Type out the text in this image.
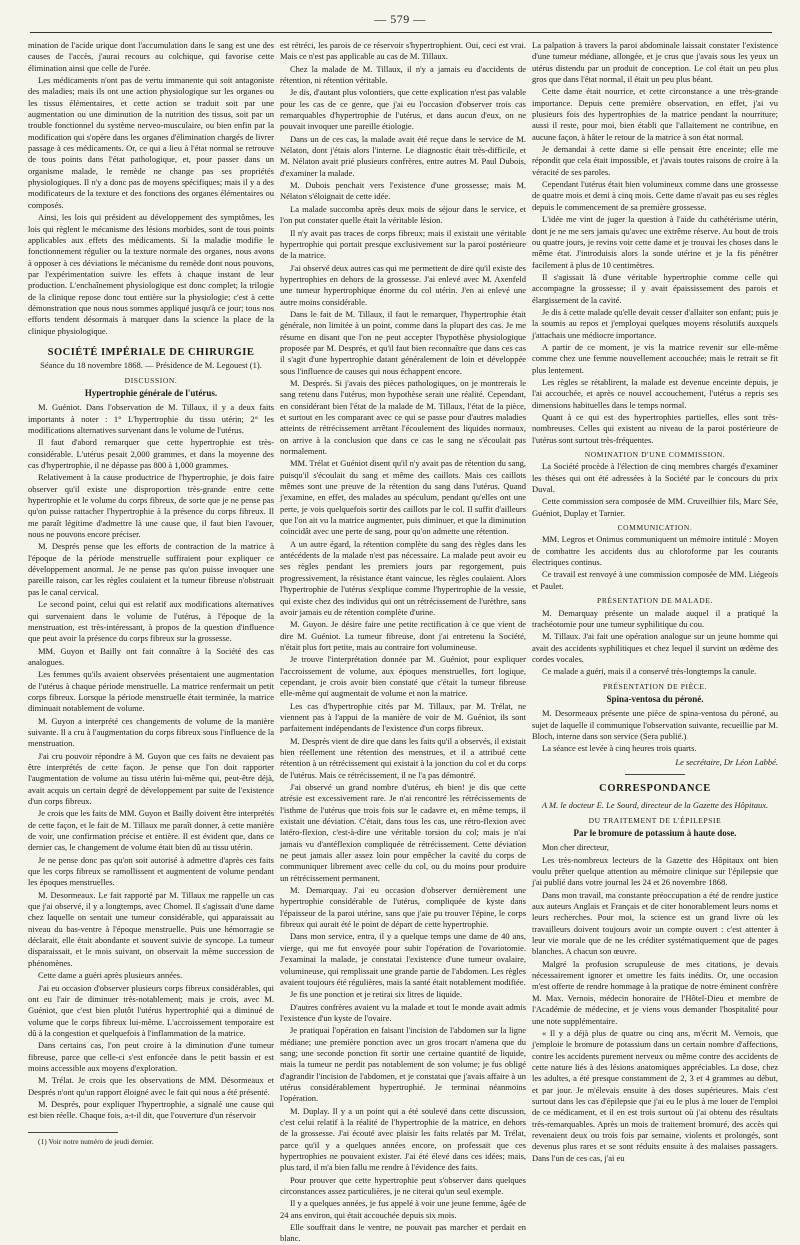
— 579 —

mination de l'acide urique dont l'accumulation dans le sang est une des causes de l'accès, j'aurai recours au colchique, qui favorise cette élimination ainsi que celle de l'urée.

Les médicaments n'ont pas de vertu immanente qui soit antagoniste des maladies; mais ils ont une action physiologique sur les organes ou les tissus élémentaires, et cette action se traduit soit par une augmentation ou une diminution de la nutrition des tissus, soit par un trouble fonctionnel du système nerveo-musculaire, ou bien enfin par la modification qui s'opère dans les organes d'élimination chargés de livrer passage à ces médicaments. Or, ce qui a lieu à l'état normal se retrouve de tous points dans l'état pathologique, et, pour passer dans un organisme malade, le remède ne change pas ses propriétés physiologiques. Il n'y a donc pas de moyens spécifiques; mais il y a des modificateurs de la texture et des fonctions des organes élémentaires ou composés.

Ainsi, les lois qui président au développement des symptômes, les lois qui règlent le mécanisme des lésions morbides, sont de tous points applicables aux effets des médicaments. Si la maladie modifie le fonctionnement régulier ou la texture normale des organes, nous avons à opposer à ces déviations le mécanisme du remède dont nous pouvons, par l'expérimentation suivre les effets à chaque instant de leur production. L'enchaînement physiologique est donc complet; la trilogie de la clinique repose donc tout entière sur la physiologie; c'est à cette démonstration que nous nous sommes appliqué jusqu'à ce jour; tous nos efforts tendent désormais à marquer dans la science la place de la clinique physiologique.

SOCIÉTÉ IMPÉRIALE DE CHIRURGIE

Séance du 18 novembre 1868. — Présidence de M. Legouest (1).

DISCUSSION.
Hypertrophie générale de l'utérus.

M. Guéniot. Dans l'observation de M. Tillaux, il y a deux faits importants à noter : 1° L'hypertrophie du tissu utérin; 2° les modifications alternatives survenant dans le volume de l'utérus.

Il faut d'abord remarquer que cette hypertrophie est très-considérable. L'utérus pesait 2,000 grammes, et dans la moyenne des cas d'hypertrophie, il ne dépasse pas 800 à 1,000 grammes.

Relativement à la cause productrice de l'hypertrophie, je dois faire observer qu'il existe une disproportion très-grande entre cette hypertrophie et le volume du corps fibreux, de sorte que je ne pense pas qu'on puisse rattacher l'hypertrophie à la présence du corps fibreux. Il me paraît légitime d'admettre là une cause que, il faut bien l'avouer, nous ne pouvons encore préciser.

M. Després pense que les efforts de contraction de la matrice à l'époque de la période menstruelle suffiraient pour expliquer ce développement anormal. Je ne pense pas qu'on puisse invoquer une pareille raison, car les règles coulaient et la tumeur fibreuse n'obstruait pas le canal cervical.

Le second point, celui qui est relatif aux modifications alternatives qui survenaient dans le volume de l'utérus, à l'époque de la menstruation, est très-intéressant, à propos de la question d'influence que peut avoir la présence du corps fibreux sur la grossesse.

MM. Guyon et Bailly ont fait connaître à la Société des cas analogues.

Les femmes qu'ils avaient observées présentaient une augmentation de l'utérus à chaque période menstruelle. La matrice renfermait un petit corps fibreux. Lorsque la période menstruelle était terminée, la matrice diminuait notablement de volume.

M. Guyon a interprété ces changements de volume de la manière suivante. Il a cru à l'augmentation du corps fibreux sous l'influence de la menstruation.

J'ai cru pouvoir répondre à M. Guyon que ces faits ne devaient pas être interprétés de cette façon. Je pense que l'on doit rapporter l'augmentation de volume au tissu utérin lui-même qui, peut-être déjà, avait acquis un certain degré de développement par suite de l'existence d'un corps fibreux.

Je crois que les faits de MM. Guyon et Bailly doivent être interprétés de cette façon, et le fait de M. Tillaux me paraît donner, à cette manière de voir, une confirmation précise et entière. Il est évident que, dans ce dernier cas, le changement de volume était bien dû au tissu utérin.

Je ne pense donc pas qu'on soit autorisé à admettre d'après ces faits que les corps fibreux se ramollissent et augmentent de volume pendant les époques menstruelles.

M. Desormeaux. Le fait rapporté par M. Tillaux me rappelle un cas que j'ai observé, il y a longtemps, avec Chomel. Il s'agissait d'une dame chez laquelle on sentait une tumeur considérable, qui apparaissait au niveau du bas-ventre à l'époque menstruelle. Puis une hémorragie se déclarait, elle était abondante et souvent suivie de syncope. La tumeur disparaissait, et le mois suivant, on observait la même succession de phénomènes.

Cette dame a guéri après plusieurs années.

J'ai eu occasion d'observer plusieurs corps fibreux considérables, qui ont eu l'air de diminuer très-notablement; mais je crois, avec M. Guéniot, que c'est bien plutôt l'utérus hypertrophié qui a diminué de volume que le corps fibreux lui-même. L'accroissement temporaire est dû à la congestion et quelquefois à l'inflammation de la matrice.

Dans certains cas, l'on peut croire à la diminution d'une tumeur fibreuse, parce que celle-ci s'est enfoncée dans le petit bassin et est moins accessible aux moyens d'exploration.

M. Trélat. Je crois que les observations de MM. Désormeaux et Després n'ont qu'un rapport éloigné avec le fait qui nous a été présenté.

M. Després, pour expliquer l'hypertrophie, a signalé une cause qui est bien réelle. Chaque fois, a-t-il dit, que l'ouverture d'un réservoir

(1) Voir notre numéro de jeudi dernier.

est rétréci, les parois de ce réservoir s'hypertrophient. Oui, ceci est vrai. Mais ce n'est pas applicable au cas de M. Tillaux.

Chez la malade de M. Tillaux, il n'y a jamais eu d'accidents de rétention, ni rétention véritable.

Je dis, d'autant plus volontiers, que cette explication n'est pas valable pour les cas de ce genre, que j'ai eu l'occasion d'observer trois cas remarquables d'hypertrophie de l'utérus, et dans aucun d'eux, on ne pouvait invoquer une pareille étiologie.

Dans un de ces cas, la malade avait été reçue dans le service de M. Nélaton, dont j'étais alors l'interne. Le diagnostic était très-difficile, et M. Nélaton avait prié plusieurs confrères, entre autres M. Paul Dubois, d'examiner la malade.

M. Dubois penchait vers l'existence d'une grossesse; mais M. Nélaton s'éloignait de cette idée.

La malade succomba après deux mois de séjour dans le service, et l'on put constater quelle était la véritable lésion.

Il n'y avait pas traces de corps fibreux; mais il existait une véritable hypertrophie qui portait presque exclusivement sur la paroi postérieure de la matrice.

J'ai observé deux autres cas qui me permettent de dire qu'il existe des hypertrophies en dehors de la grossesse. J'ai enlevé avec M. Axenfeld une tumeur hypertrophique énorme du col utérin. J'en ai enlevé une autre moins considérable.

Dans le fait de M. Tillaux, il faut le remarquer, l'hypertrophie était générale, non limitée à un point, comme dans la plupart des cas. Je me résume en disant que l'on ne peut accepter l'hypothèse physiologique proposée par M. Després, et qu'il faut bien reconnaître que dans ces cas il s'agit d'une hypertrophie datant généralement de loin et développée sous l'influence de causes qui nous échappent encore.

M. Després. Si j'avais des pièces pathologiques, on je montrerais le sang retenu dans l'utérus, mon hypothèse serait une réalité. Cependant, en considérant bien l'état de la malade de M. Tillaux, l'état de la pièce, et surtout en les comparant avec ce qui se passe pour d'autres maladies atteints de rétrécissement arrêtant l'écoulement des liquides normaux, on arrive à la conclusion que dans ce cas le sang ne s'écoulait pas normalement.

MM. Trélat et Guéniot disent qu'il n'y avait pas de rétention du sang, puisqu'il s'écoulait du sang et même des caillots. Mais ces caillots mêmes sont une preuve de la rétention du sang dans l'utérus. Quand j'examine, en effet, des malades au spéculum, pendant qu'elles ont une perte, je vois quelquefois sortir des caillots par le col. Il suffit d'ailleurs que l'on ait vu la matrice augmenter, puis diminuer, et que la diminution coïncidât avec une perte de sang, pour qu'on admette une rétention.

A un autre égard, la rétention complète du sang des règles dans les antécédents de la malade n'est pas nécessaire. La malade peut avoir eu ses règles pendant les premiers jours par regorgement, puis progressivement, la résistance étant vaincue, les règles coulaient. Alors l'hypertrophie de l'utérus s'explique comme l'hypertrophie de la vessie, qui existe chez des individus qui ont un rétrécissement de l'urèthre, sans avoir jamais eu de rétention complète d'urine.

M. Guyon. Je désire faire une petite rectification à ce que vient de dire M. Guéniot. La tumeur fibreuse, dont j'ai entretenu la Société, n'était plus fort petite, mais au contraire fort volumineuse.

Je trouve l'interprétation donnée par M. Guéniot, pour expliquer l'accroissement de volume, aux époques menstruelles, fort logique, cependant, je crois avoir bien constaté que c'était la tumeur fibreuse elle-même qui augmentait de volume et non la matrice.

Les cas d'hypertrophie cités par M. Tillaux, par M. Trélat, ne viennent pas à l'appui de la manière de voir de M. Guéniot, ils sont parfaitement indépendants de l'existence d'un corps fibreux.

M. Després vient de dire que dans les faits qu'il a observés, il existait bien réellement une rétention des menstrues, et il a attribué cette rétention à un rétrécissement qui existait à la jonction du col et du corps de l'utérus. Mais ce rétrécissement, il ne l'a pas démontré.

J'ai observé un grand nombre d'utérus, eh bien! je dis que cette atrésie est excessivement rare. Je n'ai rencontré les rétrécissements de l'isthme de l'utérus que trois fois sur le cadavre et, en même temps, il existait une déviation. C'était, dans tous les cas, une rétro-flexion avec latéro-flexion, c'est-à-dire une véritable torsion du col; mais je n'ai jamais vu d'antéflexion compliquée de rétrécissement. Cette déviation ne peut jamais aller assez loin pour empêcher la cavité du corps de communiquer librement avec celle du col, ou du moins pour produire un rétrécissement permanent.

M. Demarquay. J'ai eu occasion d'observer dernièrement une hypertrophie considérable de l'utérus, compliquée de kyste dans l'épaisseur de la paroi utérine, sans que j'aie pu trouver l'épine, le corps fibreux qui aurait été le point de départ de cette hypertrophie.

Dans mon service, entra, il y a quelque temps une dame de 40 ans, vierge, qui me fut envoyée pour subir l'opération de l'ovariotomie. J'examinai la malade, je constatai l'existence d'une tumeur ovalaire, volumineuse, qui remplissait une grande partie de l'abdomen. Les règles avaient toujours été régulières, mais la santé était notablement modifiée.

Je fis une ponction et je retirai six litres de liquide.

D'autres confrères avaient vu la malade et tout le monde avait admis l'existence d'un kyste de l'ovaire.

Je pratiquai l'opération en faisant l'incision de l'abdomen sur la ligne médiane; une première ponction avec un gros trocart n'amena que du sang; une seconde ponction fit sortir une certaine quantité de liquide, mais la tumeur ne perdit pas notablement de son volume; je fus obligé d'agrandir l'incision de l'abdomen, et je constatai que j'avais affaire à un utérus considérablement hypertrophié. Je terminai néanmoins l'opération.

M. Duplay. Il y a un point qui a été soulevé dans cette discussion, c'est celui relatif à la réalité de l'hypertrophie de la matrice, en dehors de la grossesse. J'ai écouté avec plaisir les faits relatés par M. Trélat, parce qu'il y a quelques années encore, on professait que ces hypertrophies ne pouvaient exister. J'ai été élevé dans ces idées; mais, plus tard, il m'a bien fallu me rendre à l'évidence des faits.

Pour prouver que cette hypertrophie peut s'observer dans quelques circonstances assez particulières, je ne citerai qu'un seul exemple.

Il y a quelques années, je fus appelé à voir une jeune femme, âgée de 24 ans environ, qui était accouchée depuis six mois.

Elle souffrait dans le ventre, ne pouvait pas marcher et perdait en blanc.

La palpation à travers la paroi abdominale laissait constater l'existence d'une tumeur médiane, allongée, et je crus que j'avais sous les yeux un utérus distendu par un produit de conception. Le col était un peu plus gros que dans l'état normal, il était un peu plus béant.

Cette dame était nourrice, et cette circonstance a une très-grande importance. Depuis cette première observation, en effet, j'ai vu plusieurs fois des hypertrophies de la matrice pendant la nourriture; aussi il reste, pour moi, bien établi que l'allaitement ne contribue, en aucune façon, à hâter le retour de la matrice à son état normal.

Je demandai à cette dame si elle pensait être enceinte; elle me répondit que cela était impossible, et j'avais toutes raisons de croire à la véracité de ses paroles.

Cependant l'utérus était bien volumineux comme dans une grossesse de quatre mois et demi à cinq mois. Cette dame n'avait pas eu ses règles depuis le commencement de sa première grossesse.

L'idée me vint de juger la question à l'aide du cathétérisme utérin, dont je ne me sers jamais qu'avec une extrême réserve. Au bout de trois ou quatre jours, je revins voir cette dame et je trouvai les choses dans le même état. J'introduisis alors la sonde utérine et je la fis pénétrer facilement à plus de 10 centimètres.

Il s'agissait là d'une véritable hypertrophie comme celle qui accompagne la grossesse; il y avait épaississement des parois et élargissement de la cavité.

Je dis à cette malade qu'elle devait cesser d'allaiter son enfant; puis je la soumis au repos et j'employai quelques moyens résolutifs auxquels j'attachais une médiocre importance.

A partir de ce moment, je vis la matrice revenir sur elle-même comme chez une femme nouvellement accouchée; mais le retrait se fit plus lentement.

Les règles se rétablirent, la malade est devenue enceinte depuis, je l'ai accouchée, et après ce nouvel accouchement, l'utérus a repris ses dimensions habituelles dans le temps normal.

Quant à ce qui est des hypertrophies partielles, elles sont très-nombreuses. Celles qui existent au niveau de la paroi postérieure de l'utérus sont surtout très-fréquentes.

NOMINATION D'UNE COMMISSION.

La Société procède à l'élection de cinq membres chargés d'examiner les thèses qui ont été adressées à la Société par le concours du prix Duval.

Cette commission sera composée de MM. Cruveilhier fils, Marc Sée, Guéniot, Duplay et Tarnier.

COMMUNICATION.

MM. Legros et Onimus communiquent un mémoire intitulé : Moyen de combattre les accidents dus au chloroforme par les courants électriques continus.

Ce travail est renvoyé à une commission composée de MM. Liégeois et Paulet.

PRÉSENTATION DE MALADE.

M. Demarquay présente un malade auquel il a pratiqué la trachéotomie pour une tumeur syphilitique du cou.

M. Tillaux. J'ai fait une opération analogue sur un jeune homme qui avait des accidents syphilitiques et chez lequel il survint un œdème des cordes vocales.

Ce malade a guéri, mais il a conservé très-longtemps la canule.

PRÉSENTATION DE PIÈCE.
Spina-ventosa du péroné.

M. Desormeaux présente une pièce de spina-ventosa du péroné, au sujet de laquelle il communique l'observation suivante, recueillie par M. Bloch, interne dans son service (Sera publié.)

La séance est levée à cinq heures trois quarts.

Le secrétaire, Dr Léon Labbé.
CORRESPONDANCE

A M. le docteur E. Le Sourd, directeur de la Gazette des Hôpitaux.

DU TRAITEMENT DE L'ÉPILEPSIE
Par le bromure de potassium à haute dose.

Mon cher directeur,

Les très-nombreux lecteurs de la Gazette des Hôpitaux ont bien voulu prêter quelque attention au mémoire clinique sur l'épilepsie que j'ai publié dans votre journal les 24 et 26 novembre 1868.

Dans mon travail, ma constante préoccupation a été de rendre justice aux auteurs Anglais et Français et de citer honorablement leurs noms et leurs recherches. Pour moi, la science est un grand livre où les travailleurs doivent toujours avoir un compte ouvert : c'est attenter à leur vie morale que de ne les créditer systématiquement que de pages blanches. A chacun son œuvre.

Malgré la profusion scrupuleuse de mes citations, je devais nécessairement ignorer et omettre les faits inédits. Or, une occasion m'est offerte de rendre hommage à la pratique de notre éminent confrère M. Max. Vernois, médecin honoraire de l'Hôtel-Dieu et membre de l'Académie de médecine, et je viens vous demander l'hospitalité pour une note supplémentaire.

« Il y a déjà plus de quatre ou cinq ans, m'écrit M. Vernois, que j'emploie le bromure de potassium dans un certain nombre d'affections, contre les accidents purement nerveux ou même contre des accidents de cette nature liés à des lésions anatomiques appréciables. La dose, chez les adultes, a été presque constamment de 2, 3 et 4 grammes au début, et par jour. Je m'élevais ensuite à des doses supérieures. Mais c'est surtout dans les cas d'épilepsie que j'ai eu le plus à me louer de l'emploi de ce médicament, et il en est trois surtout où j'ai obtenu des résultats très-remarquables. Après un mois de traitement bromuré, des accès qui revenaient deux ou trois fois par semaine, violents et prolongés, sont devenus plus rares et se sont réduits ensuite à des malaises passagers. Dans l'un de ces cas, j'ai eu
